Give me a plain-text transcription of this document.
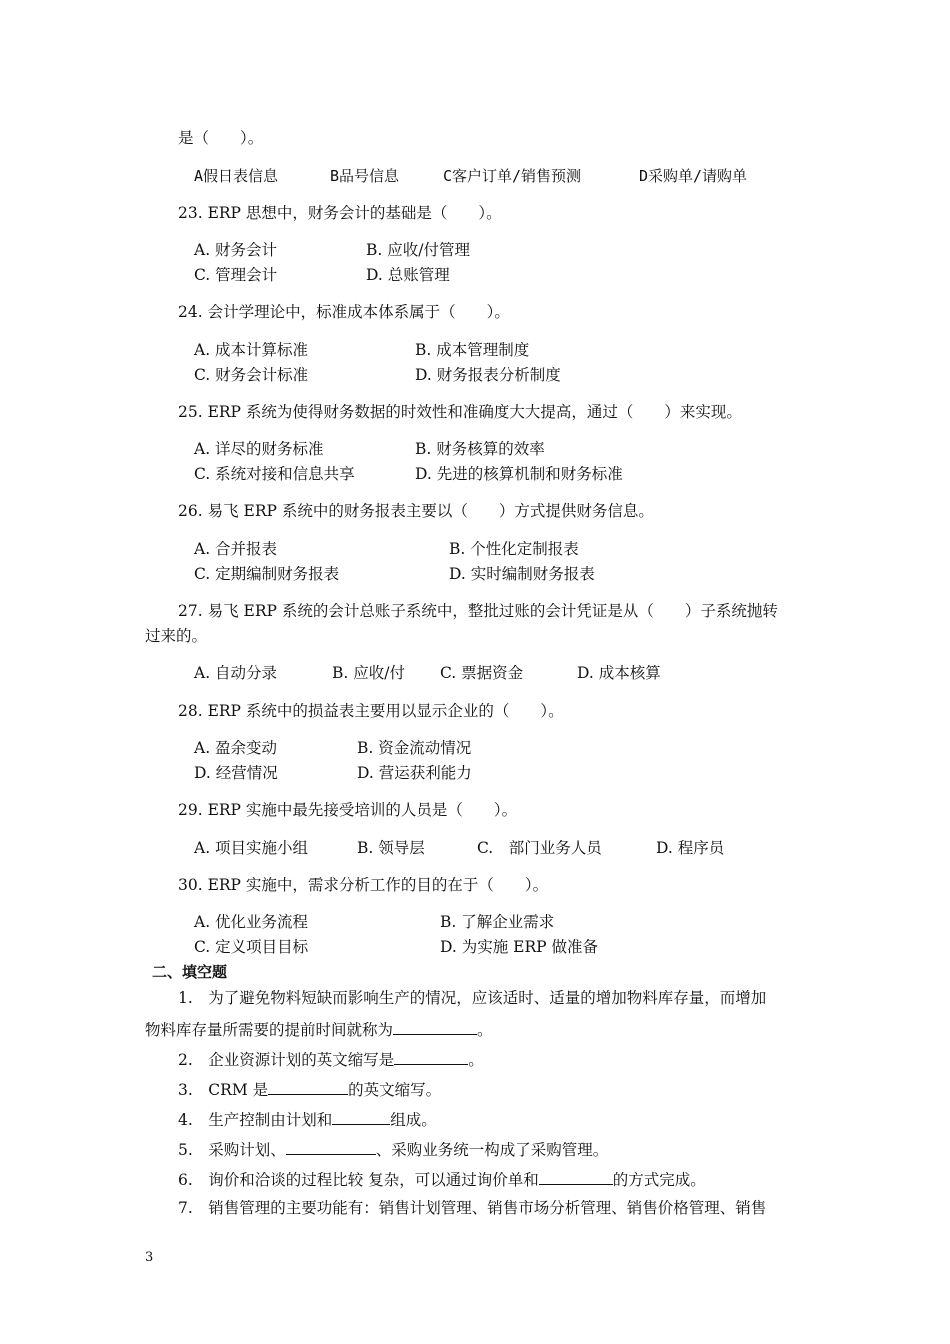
是（　　）。
A假日表信息	B品号信息	C客户订单/销售预测	D采购单/请购单
23. ERP 思想中，财务会计的基础是（　　）。
A. 财务会计	B. 应收/付管理
C. 管理会计	D. 总账管理
24. 会计学理论中，标准成本体系属于（　　）。
A. 成本计算标准	B. 成本管理制度
C. 财务会计标准	D. 财务报表分析制度
25. ERP 系统为使得财务数据的时效性和准确度大大提高，通过（　　）来实现。
A. 详尽的财务标准	B. 财务核算的效率
C. 系统对接和信息共享	D. 先进的核算机制和财务标准
26. 易飞 ERP 系统中的财务报表主要以（　　）方式提供财务信息。
A. 合并报表	B. 个性化定制报表
C. 定期编制财务报表	D. 实时编制财务报表
27. 易飞 ERP 系统的会计总账子系统中，整批过账的会计凭证是从（　　）子系统抛转
过来的。
A. 自动分录	B. 应收/付 C. 票据资金	D. 成本核算
28. ERP 系统中的损益表主要用以显示企业的（　　）。
A. 盈余变动	B. 资金流动情况
D. 经营情况	D. 营运获利能力
29. ERP 实施中最先接受培训的人员是（　　）。
A. 项目实施小组	B. 领导层	C.　部门业务人员	D. 程序员
30. ERP 实施中，需求分析工作的目的在于（　　）。
A. 优化业务流程	B. 了解企业需求
C. 定义项目目标	D. 为实施 ERP 做准备
二、填空题
1.　为了避免物料短缺而影响生产的情况，应该适时、适量的增加物料库存量，而增加
物料库存量所需要的提前时间就称为	。
2.　企业资源计划的英文缩写是	。
3.　CRM 是	的英文缩写。
4.　生产控制由计划和	组成。
5.　采购计划、	、采购业务统一构成了采购管理。
6.　询价和洽谈的过程比较 复杂，可以通过询价单和	的方式完成。
7.　销售管理的主要功能有：销售计划管理、销售市场分析管理、销售价格管理、销售
3
